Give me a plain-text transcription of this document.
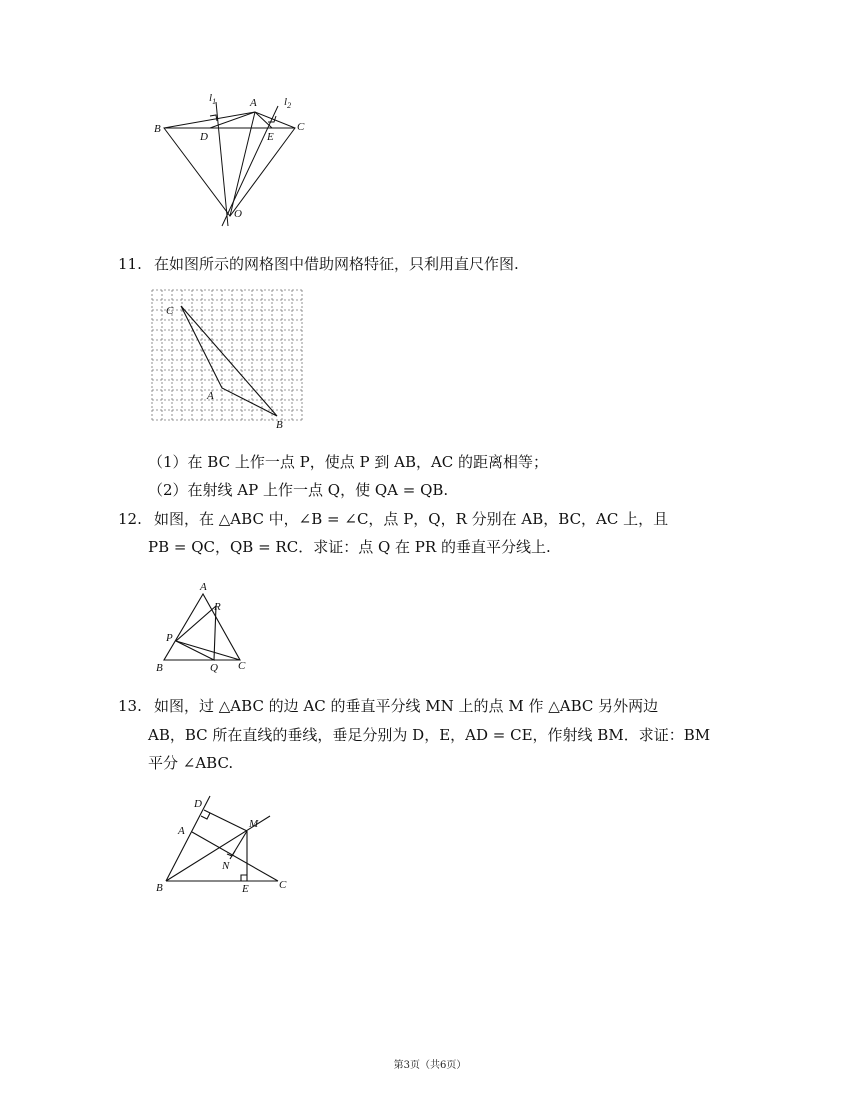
$l_1$	$l_2$
A
B	C
D	E
O
11. 在如图所示的网格图中借助网格特征，只利用直尺作图.
C
A
B
（1）在 BC 上作一点 P，使点 P 到 AB，AC 的距离相等；
（2）在射线 AP 上作一点 Q，使 QA = QB.
12. 如图，在 △ABC 中，∠B = ∠C，点 P，Q，R 分别在 AB，BC，AC 上，且
PB = QC，QB = RC．求证：点 Q 在 PR 的垂直平分线上.
A
R
P
B	Q C
13. 如图，过 △ABC 的边 AC 的垂直平分线 MN 上的点 M 作 △ABC 另外两边
AB，BC 所在直线的垂线，垂足分别为 D，E，AD = CE，作射线 BM．求证：BM
平分 ∠ABC.
D
A
M
N
B	E	C
第3页（共6页）
